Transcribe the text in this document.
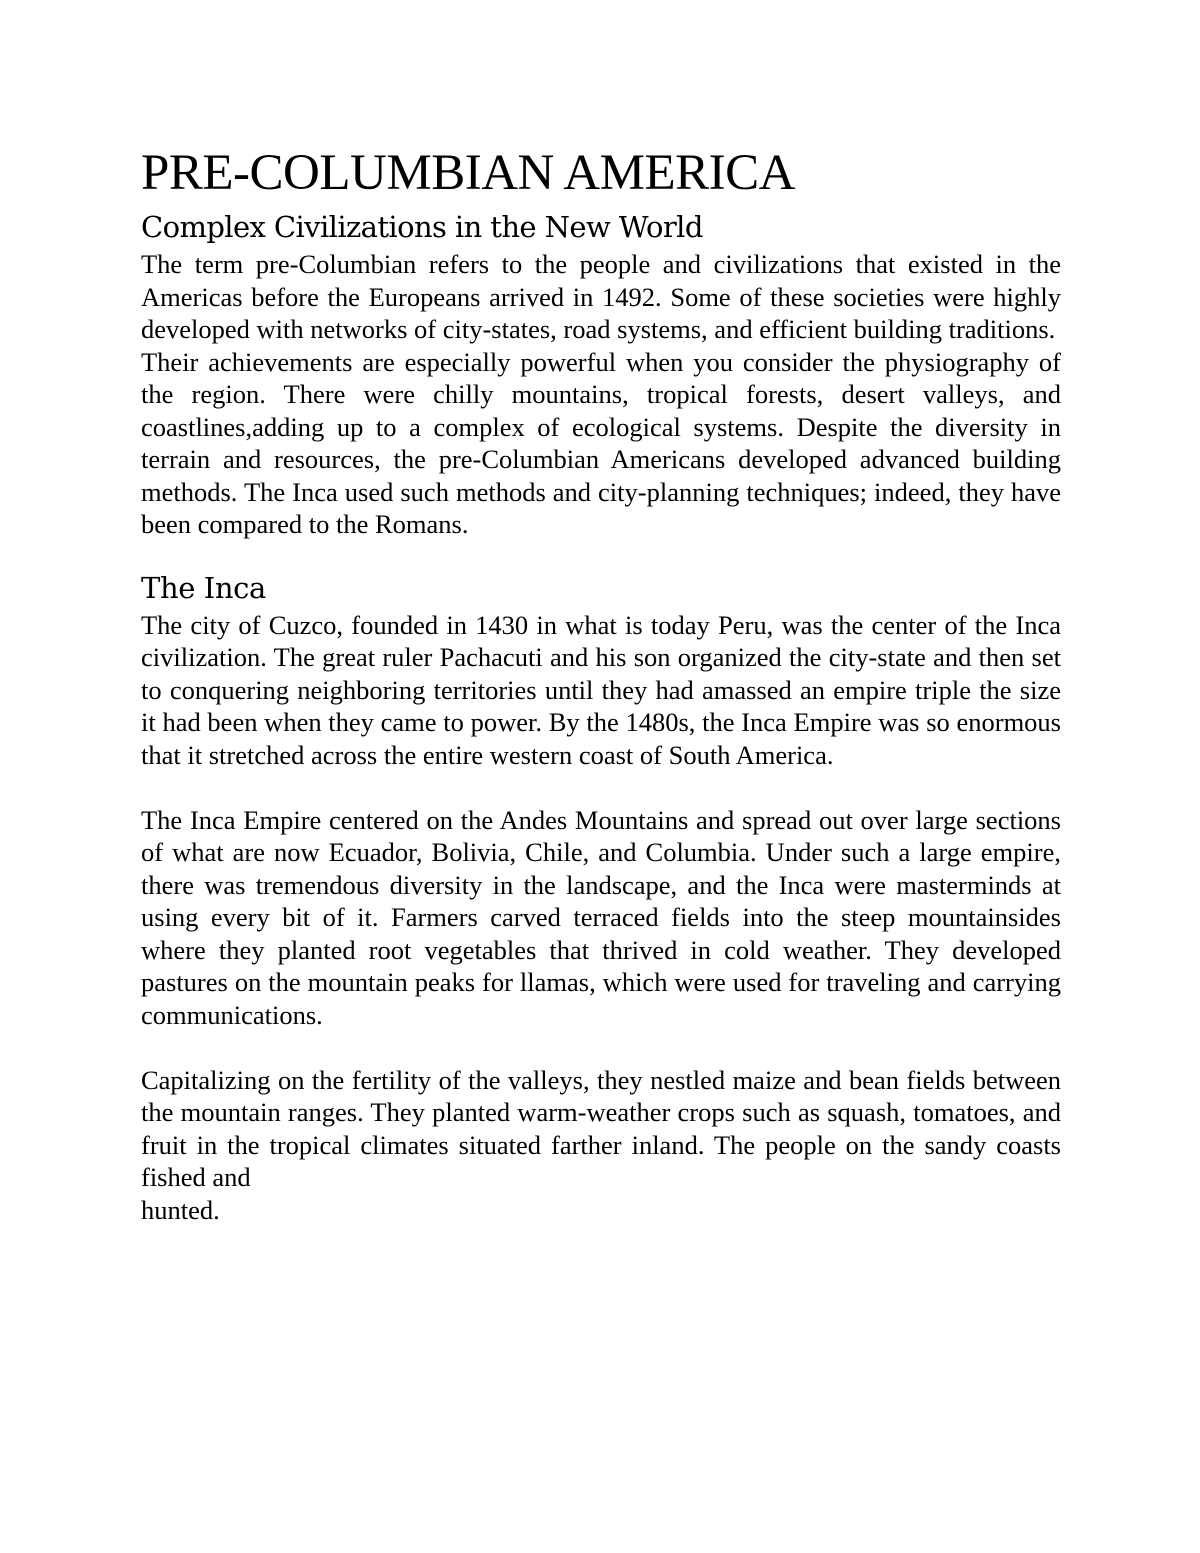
PRE-COLUMBIAN AMERICA
Complex Civilizations in the New World

The term pre-Columbian refers to the people and civilizations that existed in the Americas before the Europeans arrived in 1492. Some of these societies were highly developed with networks of city-states, road systems, and efficient building traditions.

Their achievements are especially powerful when you consider the physiography of the region. There were chilly mountains, tropical forests, desert valleys, and coastlines,adding up to a complex of ecological systems. Despite the diversity in terrain and resources, the pre-Columbian Americans developed advanced building methods. The Inca used such methods and city-planning techniques; indeed, they have been compared to the Romans.

The Inca

The city of Cuzco, founded in 1430 in what is today Peru, was the center of the Inca civilization. The great ruler Pachacuti and his son organized the city-state and then set to conquering neighboring territories until they had amassed an empire triple the size it had been when they came to power. By the 1480s, the Inca Empire was so enormous that it stretched across the entire western coast of South America.

The Inca Empire centered on the Andes Mountains and spread out over large sections of what are now Ecuador, Bolivia, Chile, and Columbia. Under such a large empire, there was tremendous diversity in the landscape, and the Inca were masterminds at using every bit of it. Farmers carved terraced fields into the steep mountainsides where they planted root vegetables that thrived in cold weather. They developed pastures on the mountain peaks for llamas, which were used for traveling and carrying communications.

Capitalizing on the fertility of the valleys, they nestled maize and bean fields between the mountain ranges. They planted warm-weather crops such as squash, tomatoes, and fruit in the tropical climates situated farther inland. The people on the sandy coasts fished and

hunted.
